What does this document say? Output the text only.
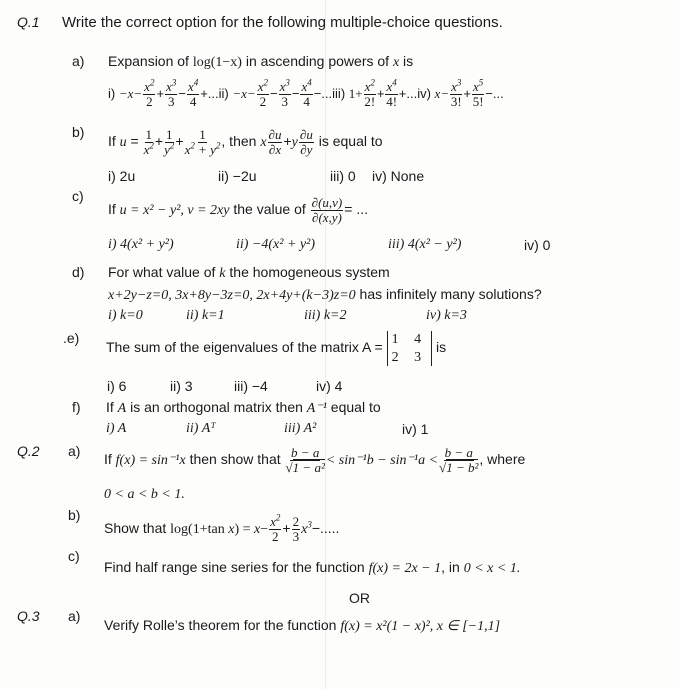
Q.1 Write the correct option for the following multiple-choice questions.
a) Expansion of log(1−x) in ascending powers of x is
$i) -x- \frac{x^2}{2} + \frac{x^3}{3} - \frac{x^4}{4} +...ii) -x- \frac{x^2}{2} - \frac{x^3}{3} - \frac{x^4}{4} -...iii$) $1+ \frac{x^2}{2!} + \frac{x^4}{4!} +...iv$) $x- \frac{x^3}{3!} + \frac{x^5}{5!}$ −...
b)
If $u = \frac{1}{x^2} + \frac{1}{y^2} + \frac{1}{x^2 + y^2}$ , then x $\frac{\partial u}{\partial x} +y \frac{\partial u}{\partial y}$ is equal to
i) 2u	ii) −2u	iii) 0 iv) None
c)
If u = x² − y², v = 2xy the value of $\frac{\partial(u,v)}{\partial(x,y)}$ = ...
i) 4(x² + y²)	ii) −4(x² + y²)	iii) 4(x² − y²)	iv) 0
d) For what value of k the homogeneous system
x+2y−z=0, 3x+8y−3z=0, 2x+4y+(k−3)z=0 has infinitely many solutions?
i) k=0	ii) k=1	iii) k=2	iv) k=3
.e)
The sum of the eigenvalues of the matrix A = 1 4
2 3
is
i) 6	ii) 3	iii) −4	iv) 4
f) If A is an orthogonal matrix then A⁻¹ equal to
i) A	ii) Aᵀ	iii) A²	iv) 1
Q.2 a) If f(x) = sin⁻¹x then show that $\frac{b - a}{\text{√1 − a²}} < \sin^{-1}b - \sin^{-1}a < \frac{b - a}{\text{√1 − b²}}$ , where
0 < a < b < 1.
b)
Show that log(1+tan $x) = x- \frac{x^2}{2} + \frac{2}{3} x^3-$.....
c)
Find half range sine series for the function f(x) = 2x − 1, in 0 < x < 1.
OR
Q.3 a)
Verify Rolle’s theorem for the function f(x) = x²(1 − x)², x ∈ [−1,1]
